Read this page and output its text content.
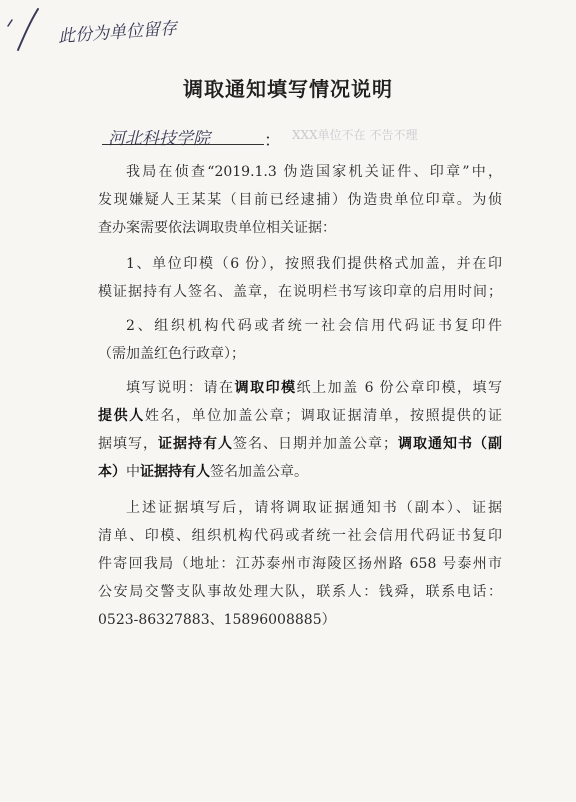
此份为单位留存
调取通知填写情况说明
河北科技学院	： XXX单位不在 不告不理
我局在侦查“2019.1.3 伪造国家机关证件、印章”中，
发现嫌疑人王某某（目前已经逮捕）伪造贵单位印章。为侦
查办案需要依法调取贵单位相关证据：
1、单位印模（6 份），按照我们提供格式加盖，并在印
模证据持有人签名、盖章，在说明栏书写该印章的启用时间；
2、组织机构代码或者统一社会信用代码证书复印件
（需加盖红色行政章）；
填写说明：请在调取印模纸上加盖 6 份公章印模，填写
提供人姓名，单位加盖公章；调取证据清单，按照提供的证
据填写，证据持有人签名、日期并加盖公章；调取通知书（副
本）中证据持有人签名加盖公章。
上述证据填写后，请将调取证据通知书（副本）、证据
清单、印模、组织机构代码或者统一社会信用代码证书复印
件寄回我局（地址：江苏泰州市海陵区扬州路 658 号泰州市
公安局交警支队事故处理大队，联系人：钱舜，联系电话：
0523-86327883、15896008885）
